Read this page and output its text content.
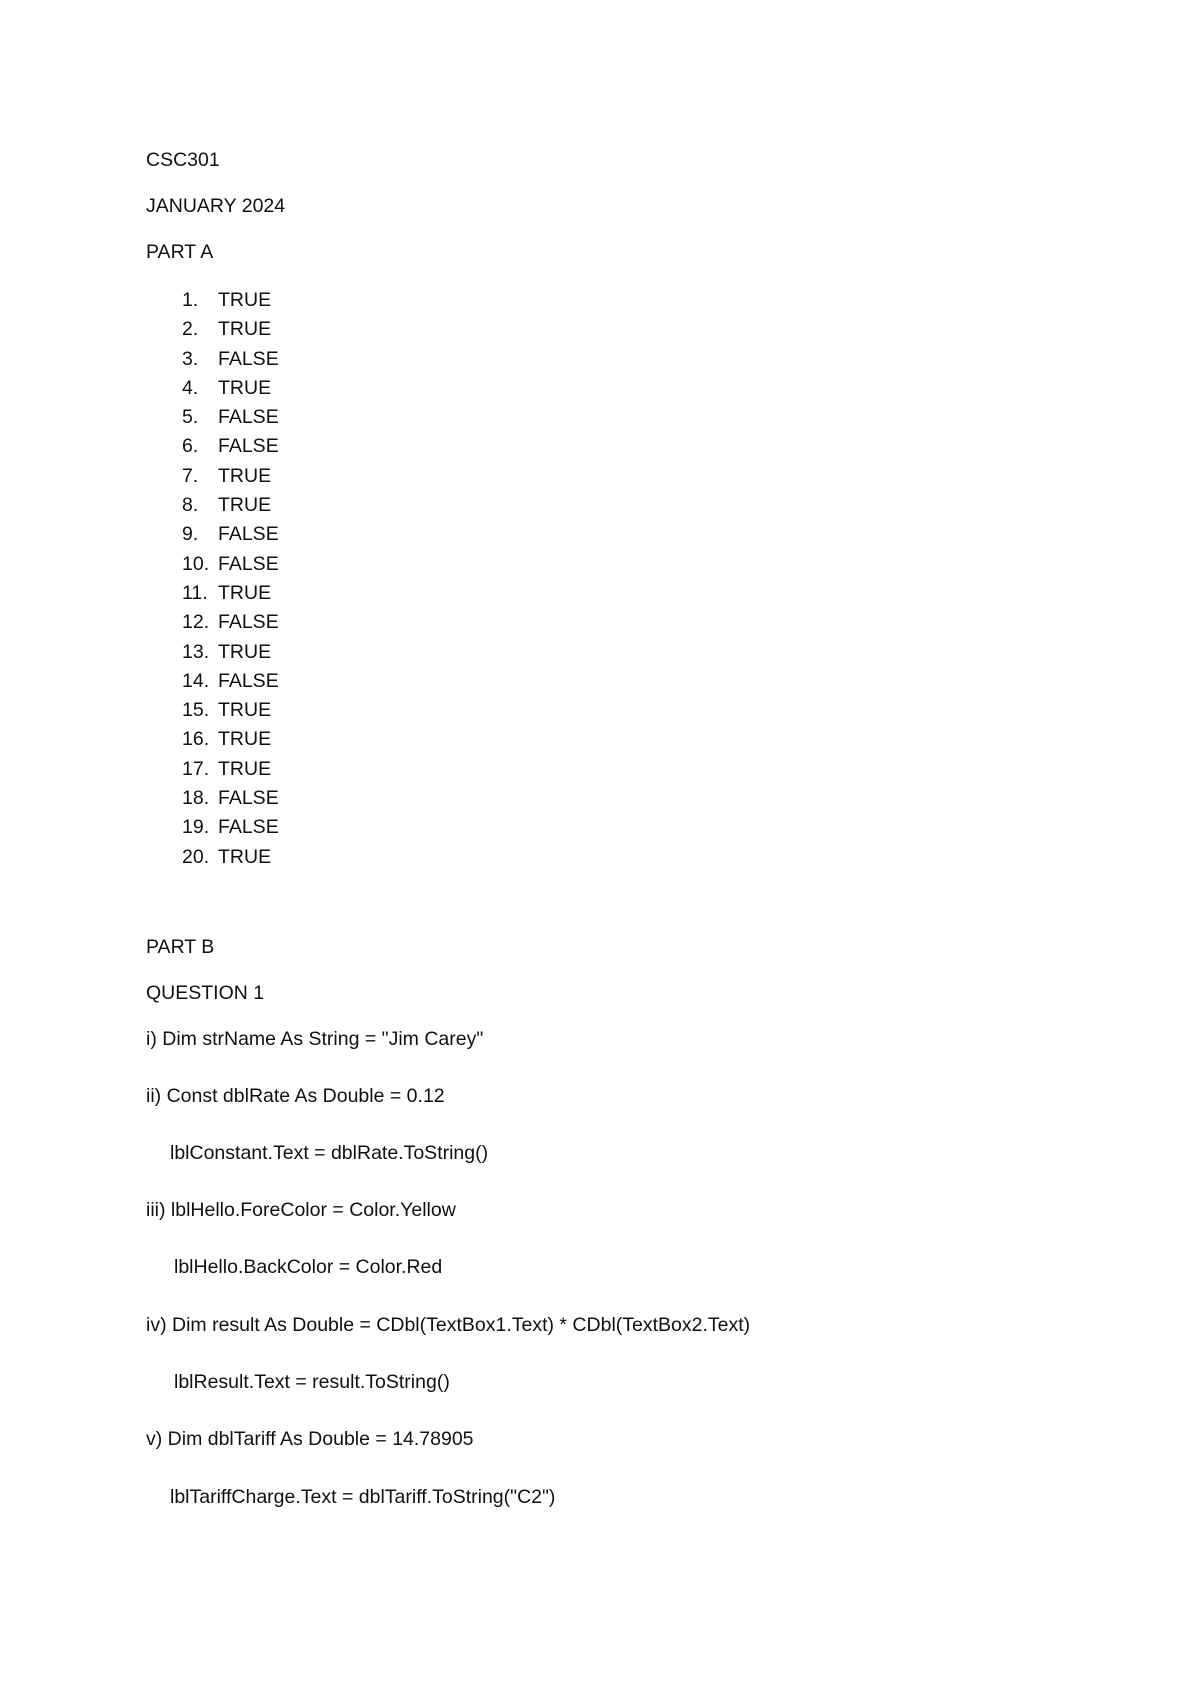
CSC301
JANUARY 2024
PART A
1. TRUE
2. TRUE
3. FALSE
4. TRUE
5. FALSE
6. FALSE
7. TRUE
8. TRUE
9. FALSE
10. FALSE
11. TRUE
12. FALSE
13. TRUE
14. FALSE
15. TRUE
16. TRUE
17. TRUE
18. FALSE
19. FALSE
20. TRUE
PART B
QUESTION 1
i) Dim strName As String = "Jim Carey"
ii) Const dblRate As Double = 0.12
lblConstant.Text = dblRate.ToString()
iii) lblHello.ForeColor = Color.Yellow
lblHello.BackColor = Color.Red
iv) Dim result As Double = CDbl(TextBox1.Text) * CDbl(TextBox2.Text)
lblResult.Text = result.ToString()
v) Dim dblTariff As Double = 14.78905
lblTariffCharge.Text = dblTariff.ToString("C2")
